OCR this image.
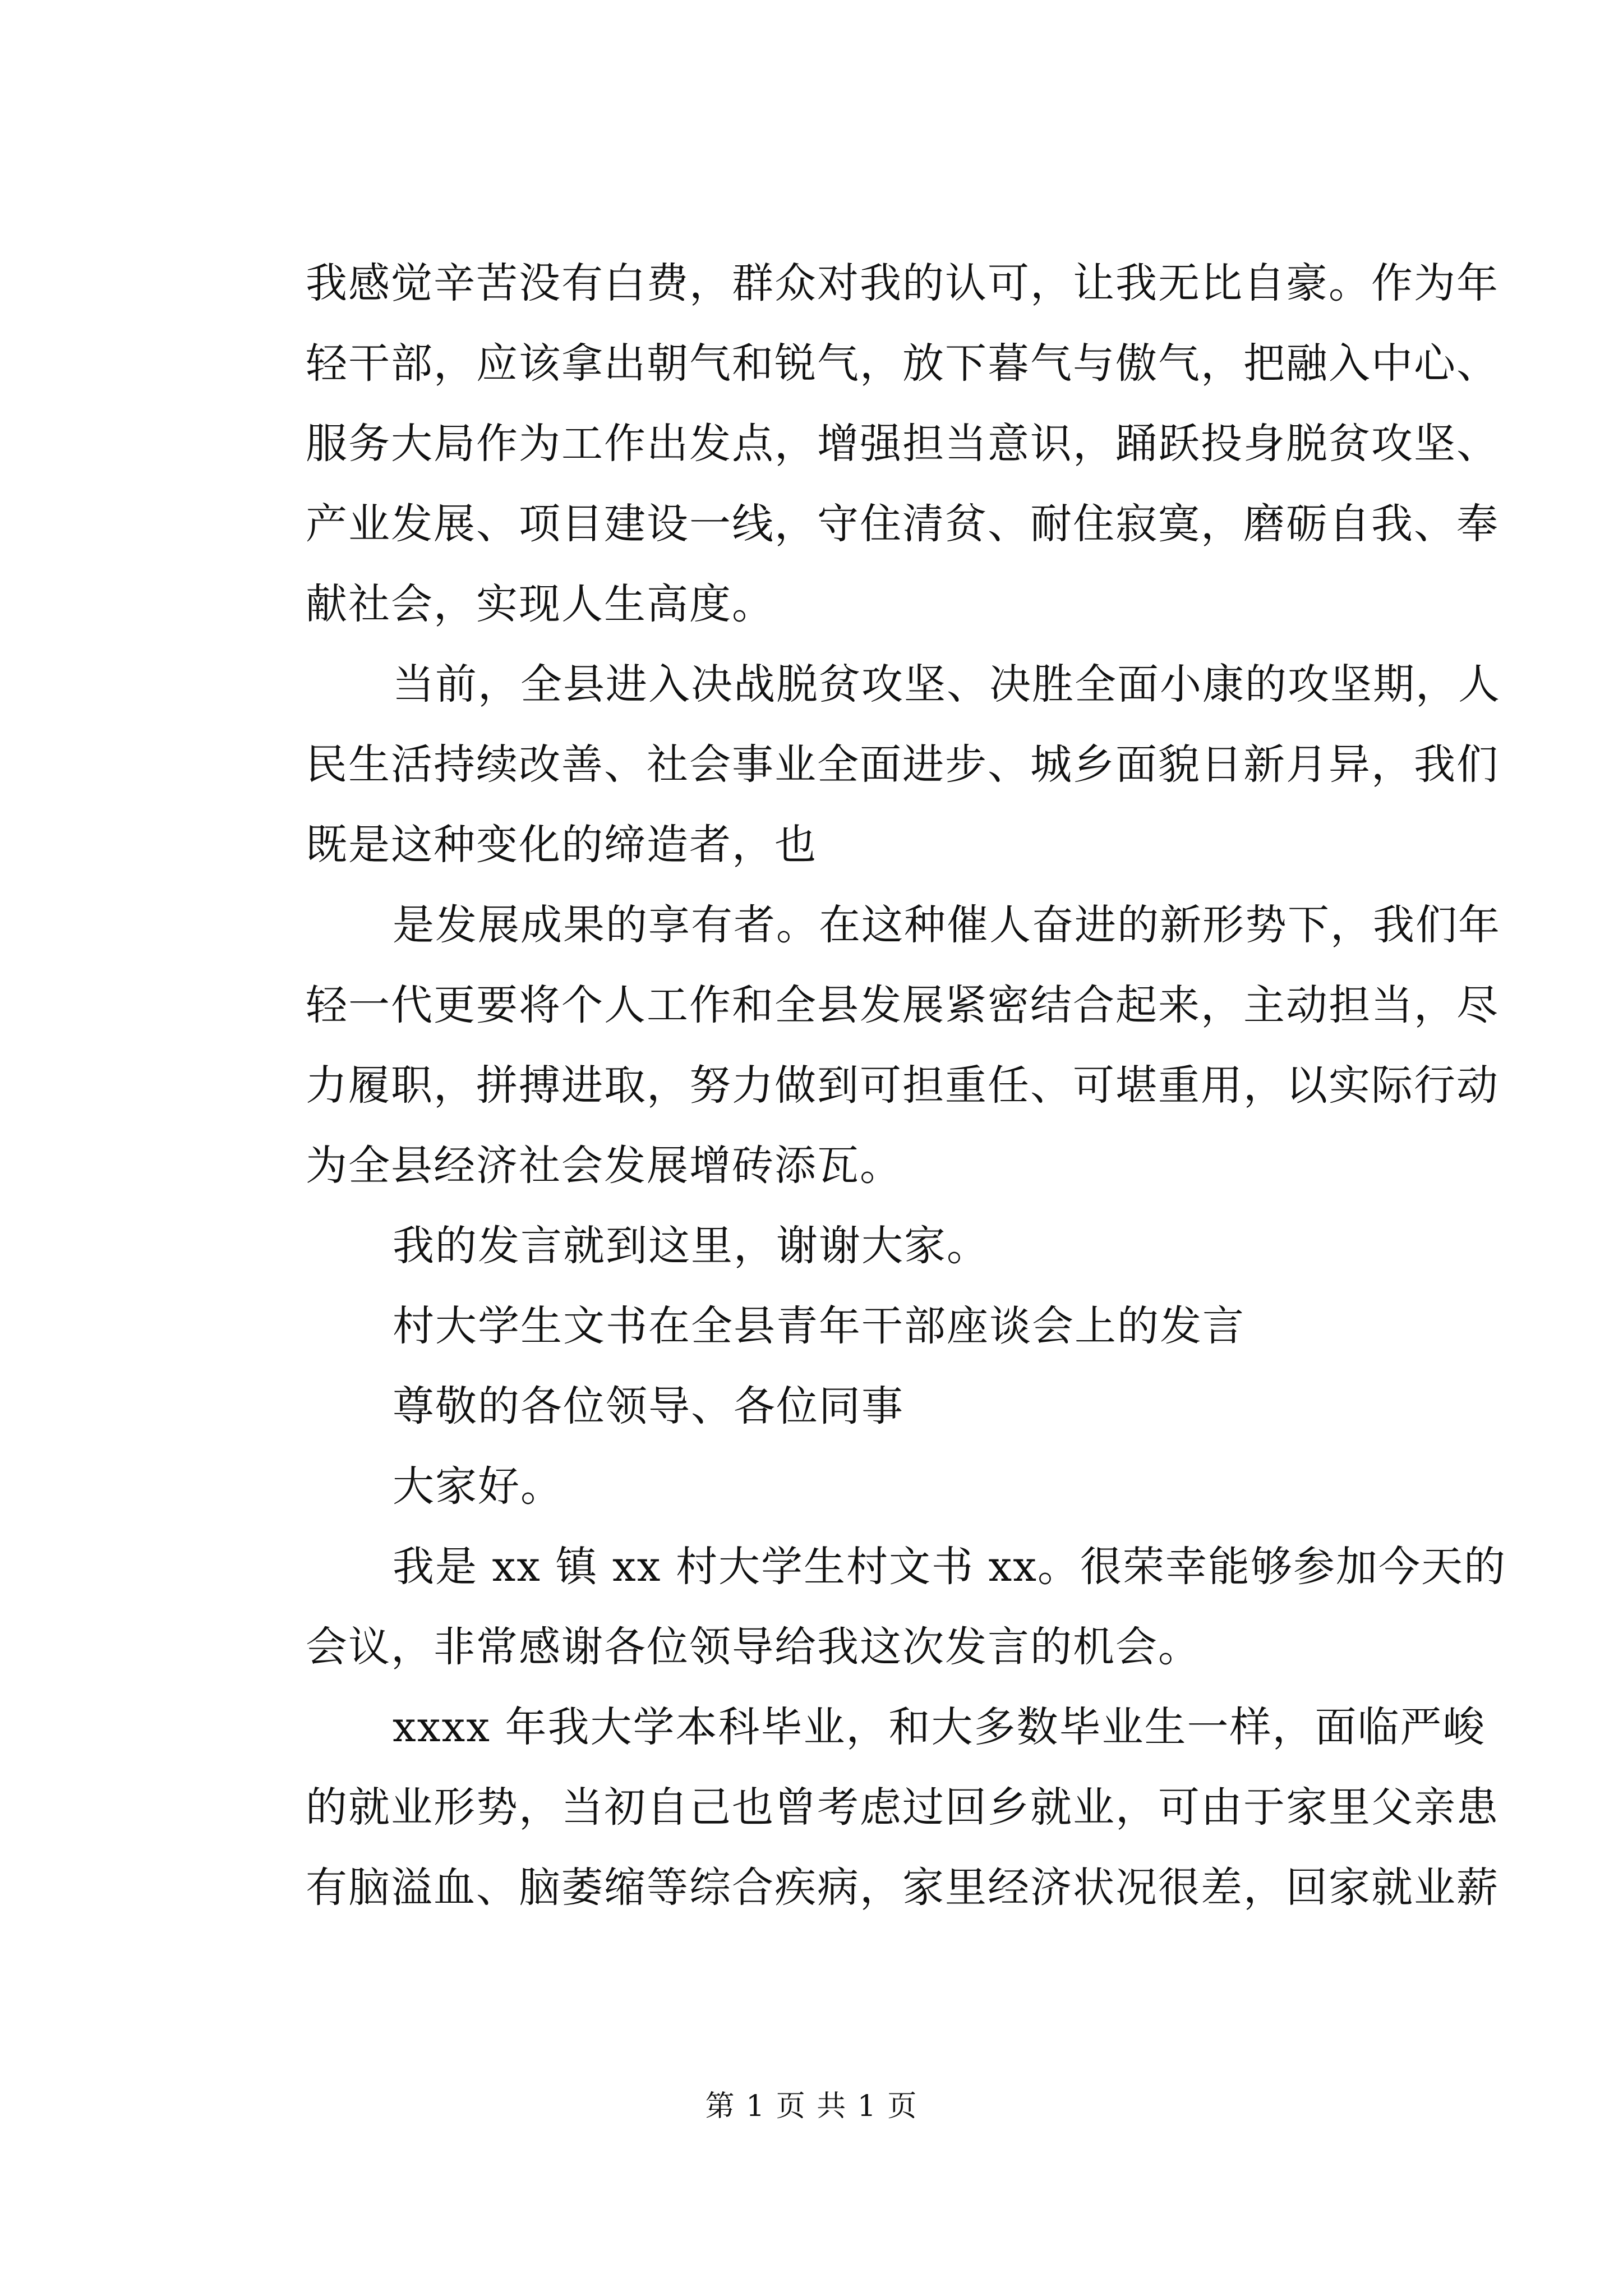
我感觉辛苦没有白费，群众对我的认可，让我无比自豪。作为年
轻干部，应该拿出朝气和锐气，放下暮气与傲气，把融入中心、
服务大局作为工作出发点，增强担当意识，踊跃投身脱贫攻坚、
产业发展、项目建设一线，守住清贫、耐住寂寞，磨砺自我、奉
献社会，实现人生高度。
当前，全县进入决战脱贫攻坚、决胜全面小康的攻坚期，人
民生活持续改善、社会事业全面进步、城乡面貌日新月异，我们
既是这种变化的缔造者，也
是发展成果的享有者。在这种催人奋进的新形势下，我们年
轻一代更要将个人工作和全县发展紧密结合起来，主动担当，尽
力履职，拼搏进取，努力做到可担重任、可堪重用，以实际行动
为全县经济社会发展增砖添瓦。
我的发言就到这里，谢谢大家。
村大学生文书在全县青年干部座谈会上的发言
尊敬的各位领导、各位同事
大家好。
我是 xx 镇 xx 村大学生村文书 xx。很荣幸能够参加今天的
会议，非常感谢各位领导给我这次发言的机会。
xxxx 年我大学本科毕业，和大多数毕业生一样，面临严峻
的就业形势，当初自己也曾考虑过回乡就业，可由于家里父亲患
有脑溢血、脑萎缩等综合疾病，家里经济状况很差，回家就业薪
第 1 页 共 1 页
